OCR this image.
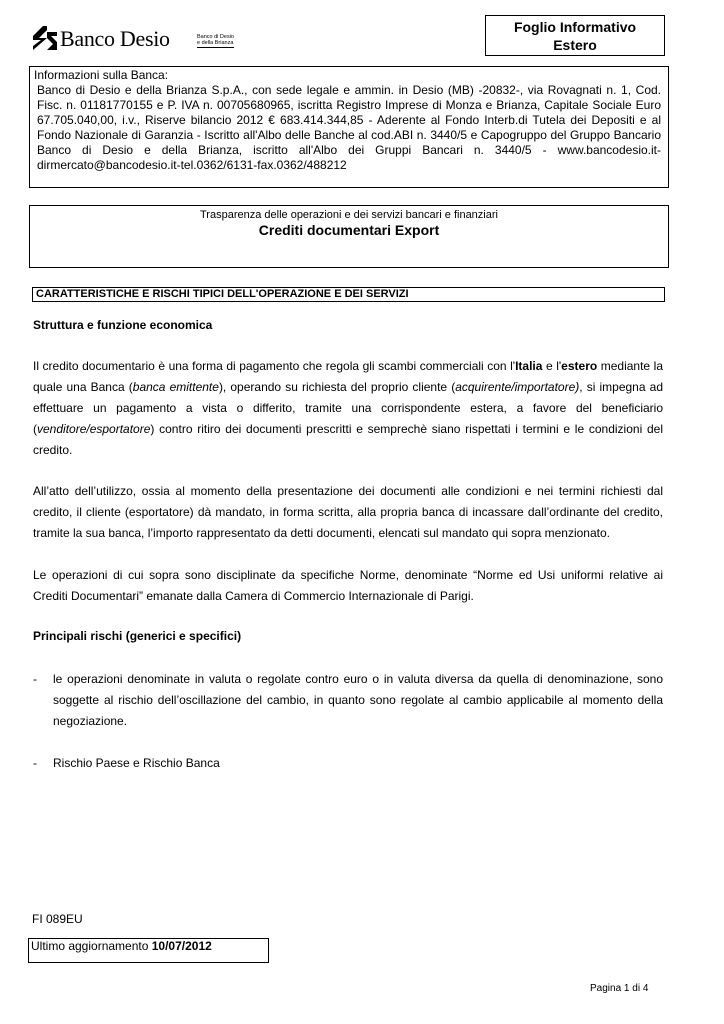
Banco Desio	Banco di Desio
e della Brianza
Foglio Informativo
Estero
Informazioni sulla Banca:
Banco di Desio e della Brianza S.p.A., con sede legale e ammin. in Desio (MB) -20832-, via Rovagnati n. 1, Cod. Fisc. n. 01181770155 e P. IVA n. 00705680965, iscritta Registro Imprese di Monza e Brianza, Capitale Sociale Euro 67.705.040,00, i.v., Riserve bilancio 2012 € 683.414.344,85 - Aderente al Fondo Interb.di Tutela dei Depositi e al Fondo Nazionale di Garanzia - Iscritto all'Albo delle Banche al cod.ABI n. 3440/5 e Capogruppo del Gruppo Bancario Banco di Desio e della Brianza, iscritto all'Albo dei Gruppi Bancari n. 3440/5 - www.bancodesio.it-dirmercato@bancodesio.it-tel.0362/6131-fax.0362/488212
Trasparenza delle operazioni e dei servizi bancari e finanziari
Crediti documentari Export
CARATTERISTICHE E RISCHI TIPICI DELL'OPERAZIONE E DEI SERVIZI
Struttura e funzione economica
Il credito documentario è una forma di pagamento che regola gli scambi commerciali con l'Italia e l'estero mediante la quale una Banca (banca emittente), operando su richiesta del proprio cliente (acquirente/importatore), si impegna ad effettuare un pagamento a vista o differito, tramite una corrispondente estera, a favore del beneficiario (venditore/esportatore) contro ritiro dei documenti prescritti e semprechè siano rispettati i termini e le condizioni del credito.
All’atto dell’utilizzo, ossia al momento della presentazione dei documenti alle condizioni e nei termini richiesti dal credito, il cliente (esportatore) dà mandato, in forma scritta, alla propria banca di incassare dall’ordinante del credito, tramite la sua banca, l’importo rappresentato da detti documenti, elencati sul mandato qui sopra menzionato.
Le operazioni di cui sopra sono disciplinate da specifiche Norme, denominate “Norme ed Usi uniformi relative ai Crediti Documentari” emanate dalla Camera di Commercio Internazionale di Parigi.
Principali rischi (generici e specifici)
- le operazioni denominate in valuta o regolate contro euro o in valuta diversa da quella di denominazione, sono soggette al rischio dell’oscillazione del cambio, in quanto sono regolate al cambio applicabile al momento della negoziazione.
- Rischio Paese e Rischio Banca
FI 089EU
Ultimo aggiornamento 10/07/2012
Pagina 1 di 4
